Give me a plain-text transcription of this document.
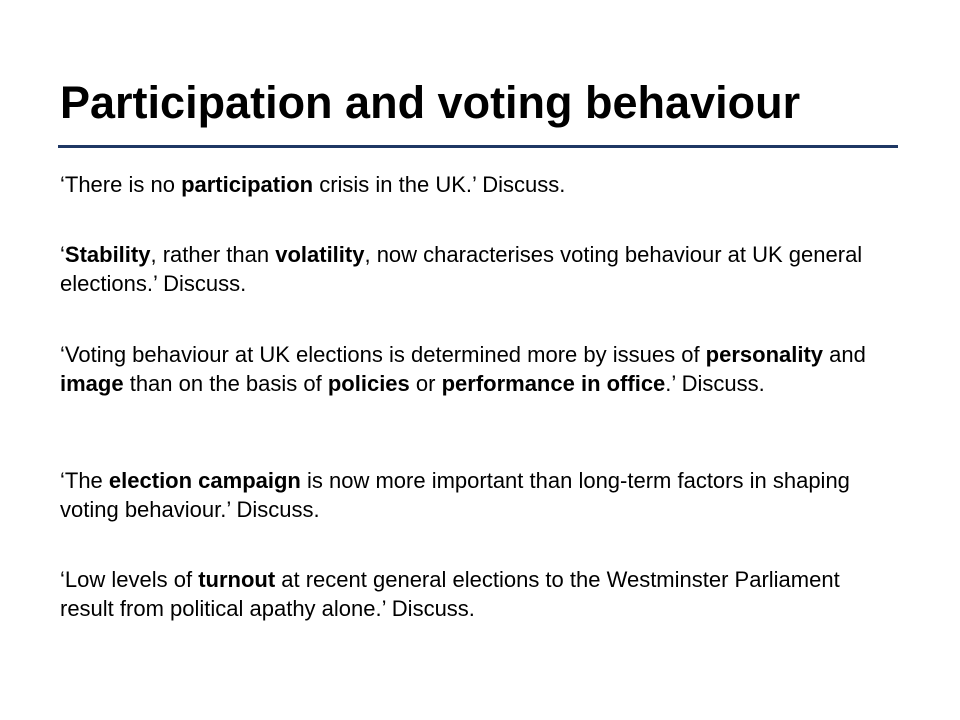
Participation and voting behaviour

‘There is no participation crisis in the UK.’ Discuss.

‘Stability, rather than volatility, now characterises voting behaviour at UK general elections.’ Discuss.

‘Voting behaviour at UK elections is determined more by issues of personality and image than on the basis of policies or performance in office.’ Discuss.

‘The election campaign is now more important than long-term factors in shaping voting behaviour.’ Discuss.

‘Low levels of turnout at recent general elections to the Westminster Parliament result from political apathy alone.’ Discuss.
